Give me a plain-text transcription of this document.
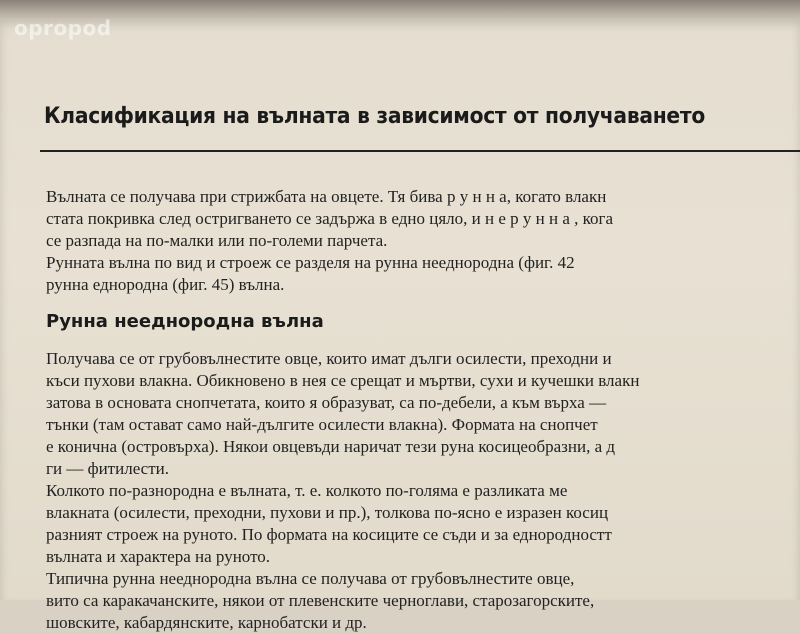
Класификация на вълната в зависимост от получаването

Вълната се получава при стрижбата на овцете. Тя бива р у н н а, когато влакн

стата покривка след остригването се задържа в едно цяло, и н е р у н н а , кога

се разпада на по-малки или по-големи парчета.

Рунната вълна по вид и строеж се разделя на рунна нееднородна (фиг. 42

рунна еднородна (фиг. 45) вълна.

Рунна нееднородна вълна

Получава се от грубовълнестите овце, които имат дълги осилести, преходни и

къси пухови влакна. Обикновено в нея се срещат и мъртви, сухи и кучешки влакн

затова в основата снопчетата, които я образуват, са по-дебели, а към върха —

тънки (там остават само най-дългите осилести влакна). Формата на снопчет

е конична (островърха). Някои овцевъди наричат тези руна косицеобразни, а д

ги — фитилести.

Колкото по-разнородна е вълната, т. е. колкото по-голяма е разликата ме

влакната (осилести, преходни, пухови и пр.), толкова по-ясно е изразен косиц

разният строеж на руното. По формата на косиците се съди и за еднородностт

вълната и характера на руното.

Типична рунна нееднородна вълна се получава от грубовълнестите овце,

вито са каракачанските, някои от плевенските черноглави, старозагорските,

шовските, кабардянските, карнобатски и др.

opropod
